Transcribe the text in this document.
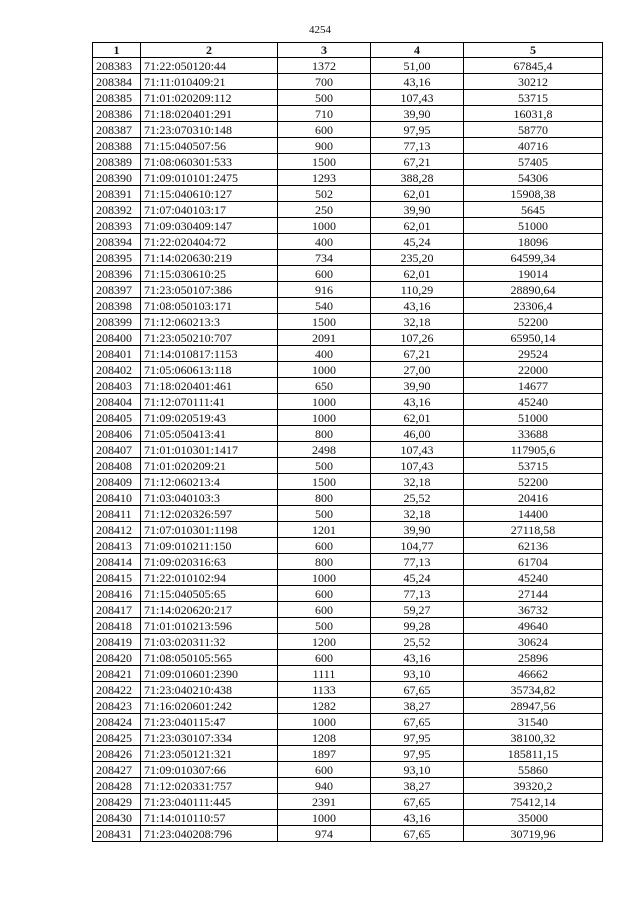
4254
1	2	3	4	5
208383	71:22:050120:44	1372	51,00	67845,4
208384	71:11:010409:21	700	43,16	30212
208385	71:01:020209:112	500	107,43	53715
208386	71:18:020401:291	710	39,90	16031,8
208387	71:23:070310:148	600	97,95	58770
208388	71:15:040507:56	900	77,13	40716
208389	71:08:060301:533	1500	67,21	57405
208390	71:09:010101:2475	1293	388,28	54306
208391	71:15:040610:127	502	62,01	15908,38
208392	71:07:040103:17	250	39,90	5645
208393	71:09:030409:147	1000	62,01	51000
208394	71:22:020404:72	400	45,24	18096
208395	71:14:020630:219	734	235,20	64599,34
208396	71:15:030610:25	600	62,01	19014
208397	71:23:050107:386	916	110,29	28890,64
208398	71:08:050103:171	540	43,16	23306,4
208399	71:12:060213:3	1500	32,18	52200
208400	71:23:050210:707	2091	107,26	65950,14
208401	71:14:010817:1153	400	67,21	29524
208402	71:05:060613:118	1000	27,00	22000
208403	71:18:020401:461	650	39,90	14677
208404	71:12:070111:41	1000	43,16	45240
208405	71:09:020519:43	1000	62,01	51000
208406	71:05:050413:41	800	46,00	33688
208407	71:01:010301:1417	2498	107,43	117905,6
208408	71:01:020209:21	500	107,43	53715
208409	71:12:060213:4	1500	32,18	52200
208410	71:03:040103:3	800	25,52	20416
208411	71:12:020326:597	500	32,18	14400
208412	71:07:010301:1198	1201	39,90	27118,58
208413	71:09:010211:150	600	104,77	62136
208414	71:09:020316:63	800	77,13	61704
208415	71:22:010102:94	1000	45,24	45240
208416	71:15:040505:65	600	77,13	27144
208417	71:14:020620:217	600	59,27	36732
208418	71:01:010213:596	500	99,28	49640
208419	71:03:020311:32	1200	25,52	30624
208420	71:08:050105:565	600	43,16	25896
208421	71:09:010601:2390	1111	93,10	46662
208422	71:23:040210:438	1133	67,65	35734,82
208423	71:16:020601:242	1282	38,27	28947,56
208424	71:23:040115:47	1000	67,65	31540
208425	71:23:030107:334	1208	97,95	38100,32
208426	71:23:050121:321	1897	97,95	185811,15
208427	71:09:010307:66	600	93,10	55860
208428	71:12:020331:757	940	38,27	39320,2
208429	71:23:040111:445	2391	67,65	75412,14
208430	71:14:010110:57	1000	43,16	35000
208431	71:23:040208:796	974	67,65	30719,96
